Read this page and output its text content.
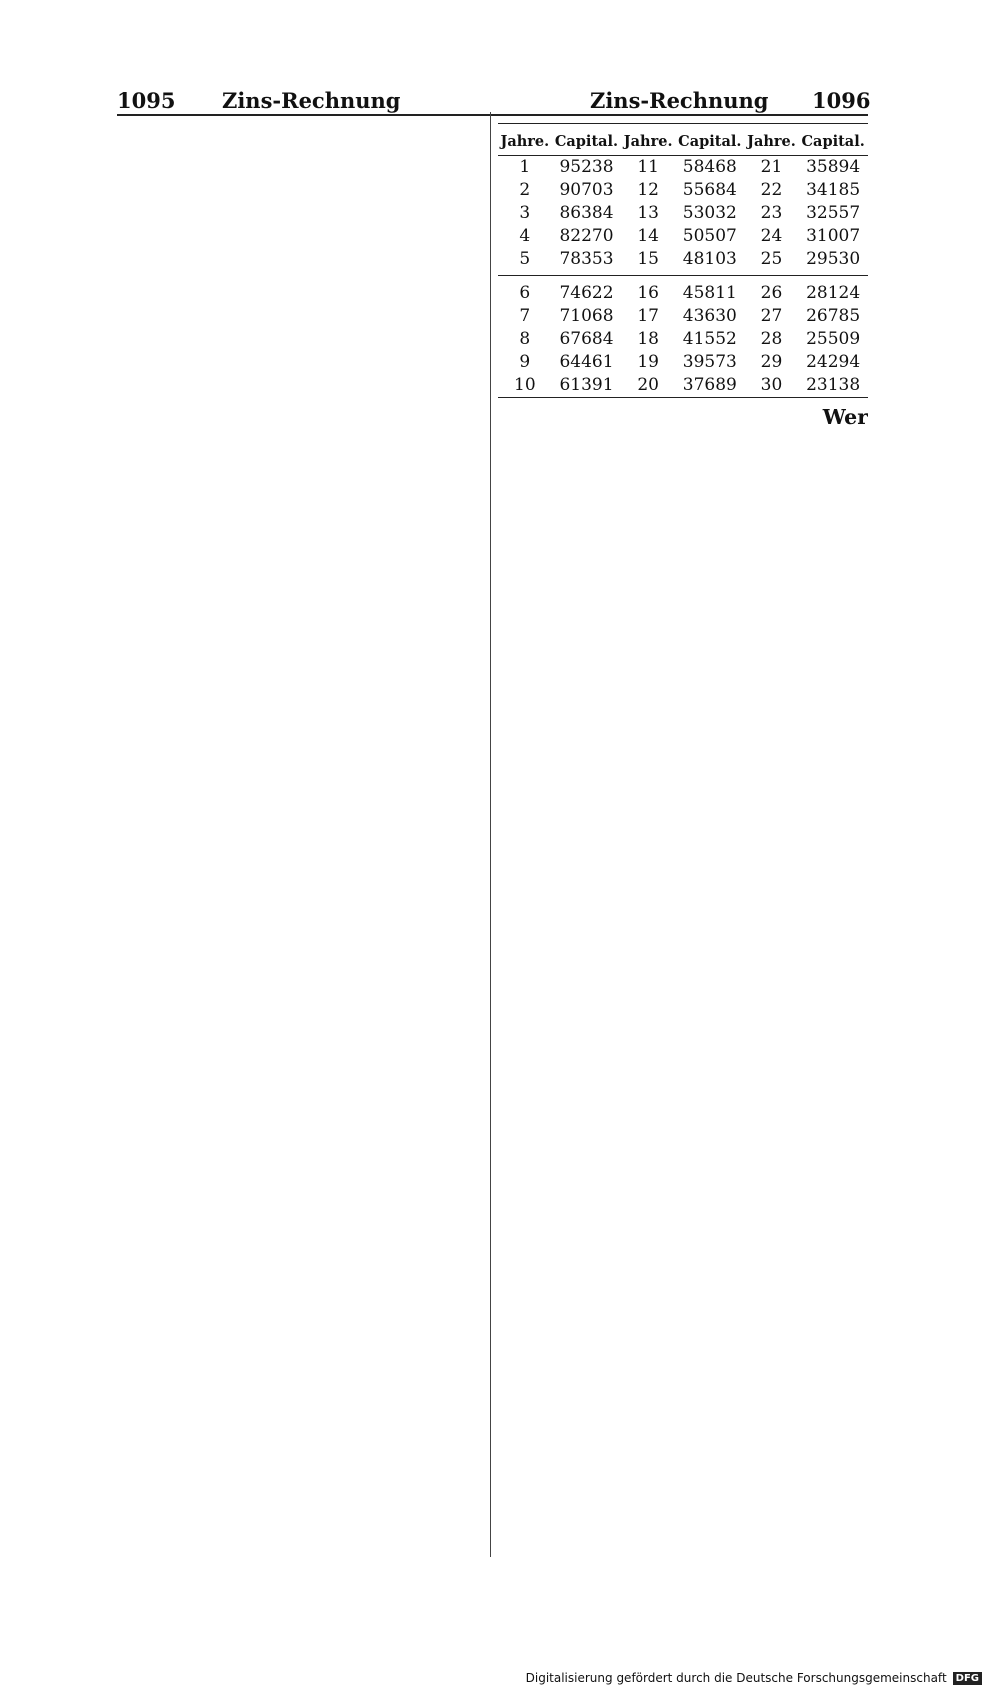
1095 Zins-Rechnung	Zins-Rechnung 1096
Jahre.	Capital.	Jahre.	Capital.	Jahre.	Capital.
1	95238	11	58468	21	35894
2	90703	12	55684	22	34185
3	86384	13	53032	23	32557
4	82270	14	50507	24	31007
5	78353	15	48103	25	29530
6	74622	16	45811	26	28124
7	71068	17	43630	27	26785
8	67684	18	41552	28	25509
9	64461	19	39573	29	24294
10	61391	20	37689	30	23138
Wer
Digitalisierung gefördert durch die Deutsche Forschungsgemeinschaft DFG
